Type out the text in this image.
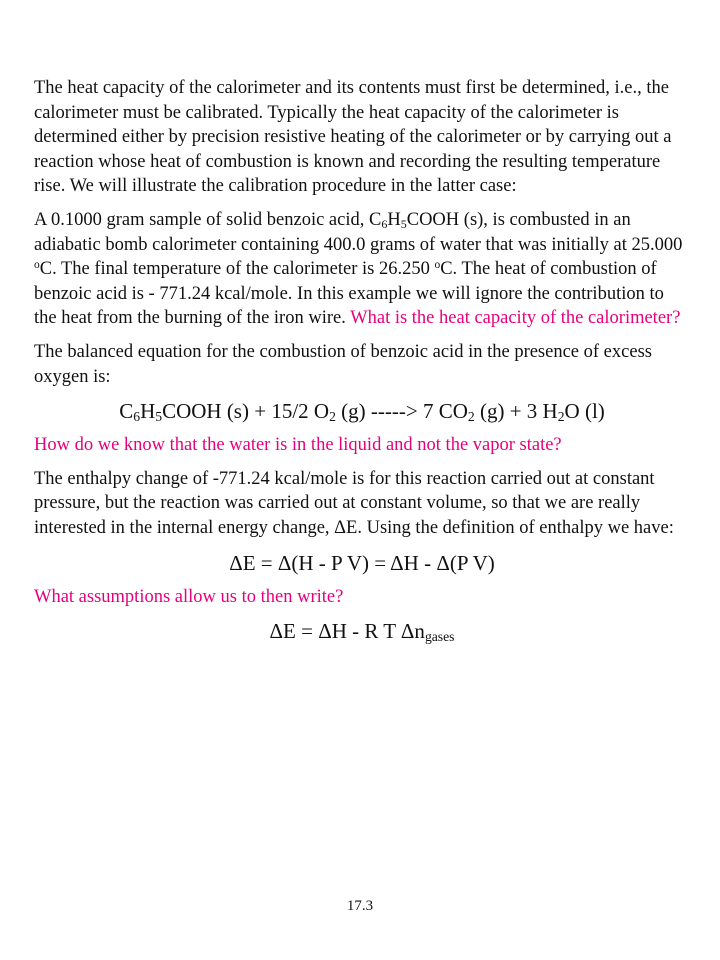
The heat capacity of the calorimeter and its contents must first be determined, i.e., the calorimeter must be calibrated. Typically the heat capacity of the calorimeter is determined either by precision resistive heating of the calorimeter or by carrying out a reaction whose heat of combustion is known and recording the resulting temperature rise. We will illustrate the calibration procedure in the latter case:

A 0.1000 gram sample of solid benzoic acid, $C_6H_5COOH$ (s), is combusted in an adiabatic bomb calorimeter containing 400.0 grams of water that was initially at 25.000 $^o$C. The final temperature of the calorimeter is 26.250 $^o$C. The heat of combustion of benzoic acid is - 771.24 kcal/mole. In this example we will ignore the contribution to the heat from the burning of the iron wire. What is the heat capacity of the calorimeter?

The balanced equation for the combustion of benzoic acid in the presence of excess oxygen is:

$C_6H_5COOH$ (s) + 15/2 $O_2$ (g) -----> 7 $CO_2$ (g) + 3 $H_2O$ (l)

How do we know that the water is in the liquid and not the vapor state?

The enthalpy change of -771.24 kcal/mole is for this reaction carried out at constant pressure, but the reaction was carried out at constant volume, so that we are really interested in the internal energy change, ΔE. Using the definition of enthalpy we have:

ΔE = Δ(H - P V) = ΔH - Δ(P V)

What assumptions allow us to then write?

ΔE = ΔH - R T $\Delta n_{gases}$
17.3
